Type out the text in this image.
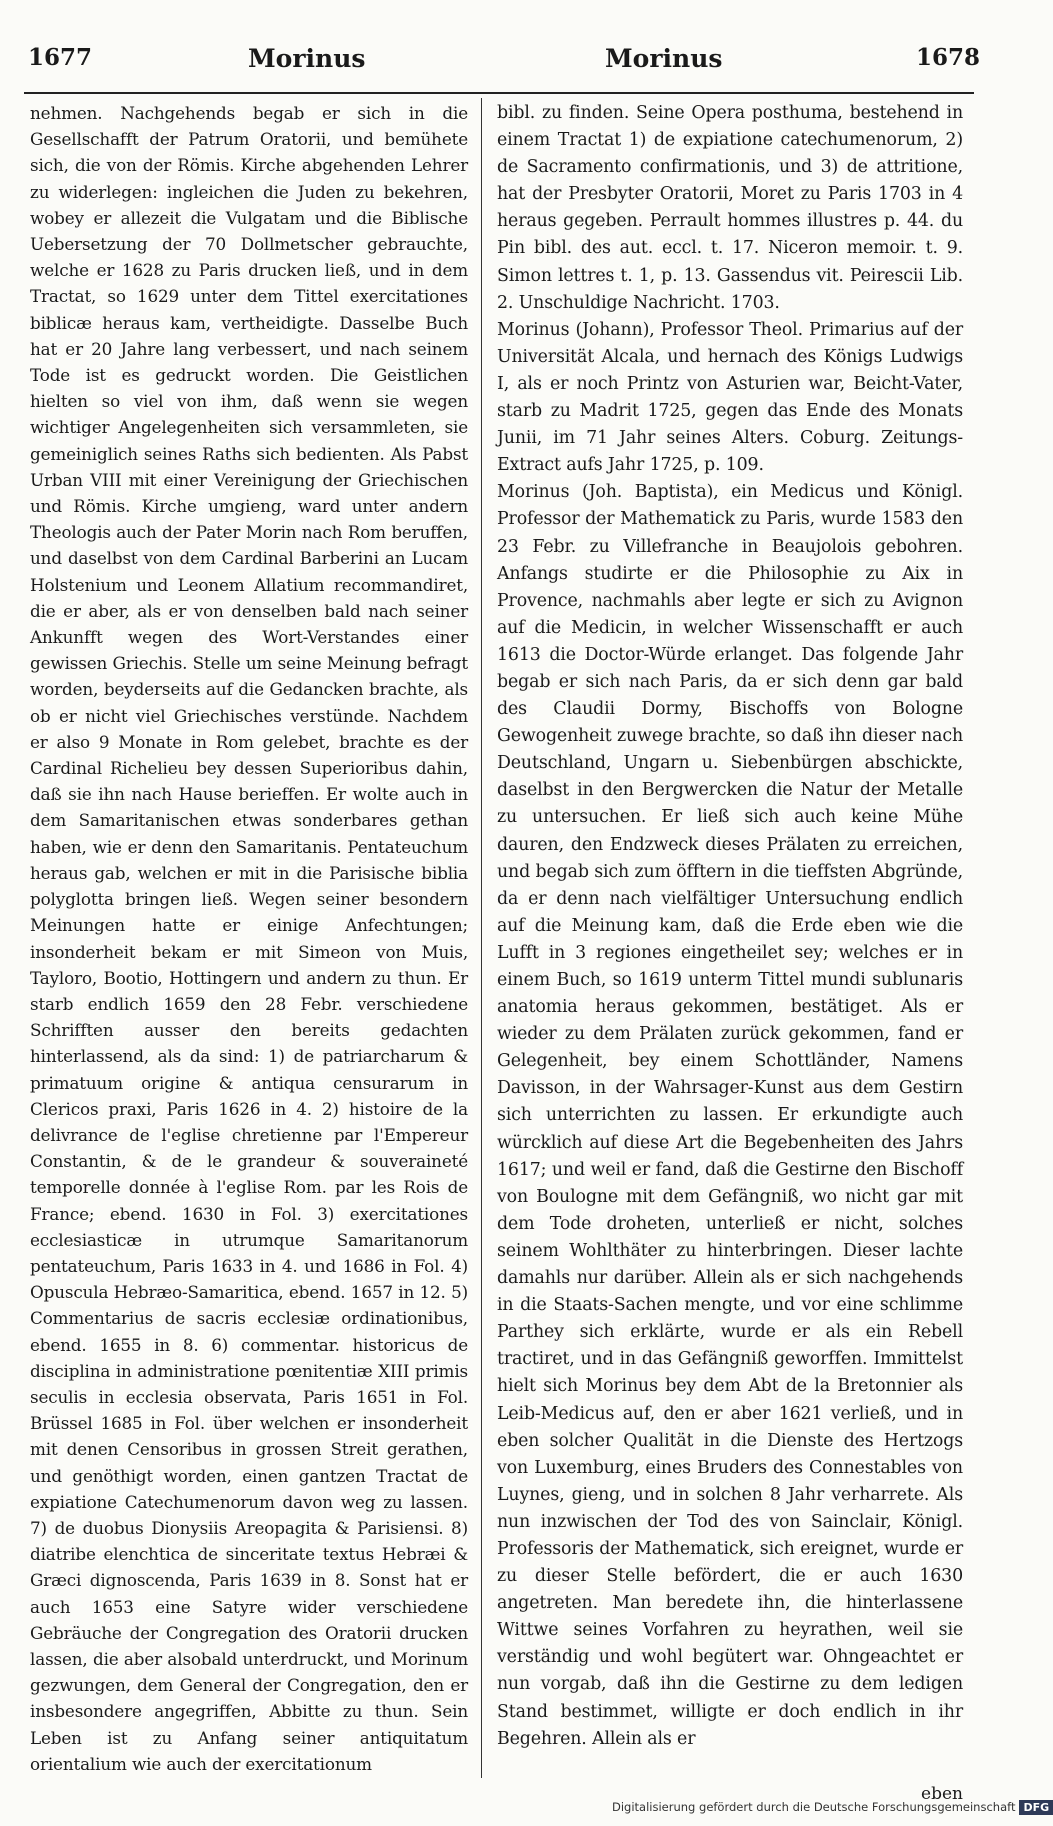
1677	Morinus	Morinus	1678

nehmen. Nachgehends begab er sich in die Gesellschafft der Patrum Oratorii, und bemühete sich, die von der Römis. Kirche abgehenden Lehrer zu widerlegen: ingleichen die Juden zu bekehren, wobey er allezeit die Vulgatam und die Biblische Uebersetzung der 70 Dollmetscher gebrauchte, welche er 1628 zu Paris drucken ließ, und in dem Tractat, so 1629 unter dem Tittel exercitationes biblicæ heraus kam, vertheidigte. Dasselbe Buch hat er 20 Jahre lang verbessert, und nach seinem Tode ist es gedruckt worden. Die Geistlichen hielten so viel von ihm, daß wenn sie wegen wichtiger Angelegenheiten sich versammleten, sie gemeiniglich seines Raths sich bedienten. Als Pabst Urban VIII mit einer Vereinigung der Griechischen und Römis. Kirche umgieng, ward unter andern Theologis auch der Pater Morin nach Rom beruffen, und daselbst von dem Cardinal Barberini an Lucam Holstenium und Leonem Allatium recommandiret, die er aber, als er von denselben bald nach seiner Ankunfft wegen des Wort-Verstandes einer gewissen Griechis. Stelle um seine Meinung befragt worden, beyderseits auf die Gedancken brachte, als ob er nicht viel Griechisches verstünde. Nachdem er also 9 Monate in Rom gelebet, brachte es der Cardinal Richelieu bey dessen Superioribus dahin, daß sie ihn nach Hause berieffen. Er wolte auch in dem Samaritanischen etwas sonderbares gethan haben, wie er denn den Samaritanis. Pentateuchum heraus gab, welchen er mit in die Parisische biblia polyglotta bringen ließ. Wegen seiner besondern Meinungen hatte er einige Anfechtungen; insonderheit bekam er mit Simeon von Muis, Tayloro, Bootio, Hottingern und andern zu thun. Er starb endlich 1659 den 28 Febr. verschiedene Schrifften ausser den bereits gedachten hinterlassend, als da sind: 1) de patriarcharum & primatuum origine & antiqua censurarum in Clericos praxi, Paris 1626 in 4. 2) histoire de la delivrance de l'eglise chretienne par l'Empereur Constantin, & de le grandeur & souveraineté temporelle donnée à l'eglise Rom. par les Rois de France; ebend. 1630 in Fol. 3) exercitationes ecclesiasticæ in utrumque Samaritanorum pentateuchum, Paris 1633 in 4. und 1686 in Fol. 4) Opuscula Hebræo-Samaritica, ebend. 1657 in 12. 5) Commentarius de sacris ecclesiæ ordinationibus, ebend. 1655 in 8. 6) commentar. historicus de disciplina in administratione pœnitentiæ XIII primis seculis in ecclesia observata, Paris 1651 in Fol. Brüssel 1685 in Fol. über welchen er insonderheit mit denen Censoribus in grossen Streit gerathen, und genöthigt worden, einen gantzen Tractat de expiatione Catechumenorum davon weg zu lassen. 7) de duobus Dionysiis Areopagita & Parisiensi. 8) diatribe elenchtica de sinceritate textus Hebræi & Græci dignoscenda, Paris 1639 in 8. Sonst hat er auch 1653 eine Satyre wider verschiedene Gebräuche der Congregation des Oratorii drucken lassen, die aber alsobald unterdruckt, und Morinum gezwungen, dem General der Congregation, den er insbesondere angegriffen, Abbitte zu thun. Sein Leben ist zu Anfang seiner antiquitatum orientalium wie auch der exercitationum

bibl. zu finden. Seine Opera posthuma, bestehend in einem Tractat 1) de expiatione catechumenorum, 2) de Sacramento confirmationis, und 3) de attritione, hat der Presbyter Oratorii, Moret zu Paris 1703 in 4 heraus gegeben. Perrault hommes illustres p. 44. du Pin bibl. des aut. eccl. t. 17. Niceron memoir. t. 9. Simon lettres t. 1, p. 13. Gassendus vit. Peirescii Lib. 2. Unschuldige Nachricht. 1703.

Morinus (Johann), Professor Theol. Primarius auf der Universität Alcala, und hernach des Königs Ludwigs I, als er noch Printz von Asturien war, Beicht-Vater, starb zu Madrit 1725, gegen das Ende des Monats Junii, im 71 Jahr seines Alters. Coburg. Zeitungs-Extract aufs Jahr 1725, p. 109.

Morinus (Joh. Baptista), ein Medicus und Königl. Professor der Mathematick zu Paris, wurde 1583 den 23 Febr. zu Villefranche in Beaujolois gebohren. Anfangs studirte er die Philosophie zu Aix in Provence, nachmahls aber legte er sich zu Avignon auf die Medicin, in welcher Wissenschafft er auch 1613 die Doctor-Würde erlanget. Das folgende Jahr begab er sich nach Paris, da er sich denn gar bald des Claudii Dormy, Bischoffs von Bologne Gewogenheit zuwege brachte, so daß ihn dieser nach Deutschland, Ungarn u. Siebenbürgen abschickte, daselbst in den Bergwercken die Natur der Metalle zu untersuchen. Er ließ sich auch keine Mühe dauren, den Endzweck dieses Prälaten zu erreichen, und begab sich zum öfftern in die tieffsten Abgründe, da er denn nach vielfältiger Untersuchung endlich auf die Meinung kam, daß die Erde eben wie die Lufft in 3 regiones eingetheilet sey; welches er in einem Buch, so 1619 unterm Tittel mundi sublunaris anatomia heraus gekommen, bestätiget. Als er wieder zu dem Prälaten zurück gekommen, fand er Gelegenheit, bey einem Schottländer, Namens Davisson, in der Wahrsager-Kunst aus dem Gestirn sich unterrichten zu lassen. Er erkundigte auch würcklich auf diese Art die Begebenheiten des Jahrs 1617; und weil er fand, daß die Gestirne den Bischoff von Boulogne mit dem Gefängniß, wo nicht gar mit dem Tode droheten, unterließ er nicht, solches seinem Wohlthäter zu hinterbringen. Dieser lachte damahls nur darüber. Allein als er sich nachgehends in die Staats-Sachen mengte, und vor eine schlimme Parthey sich erklärte, wurde er als ein Rebell tractiret, und in das Gefängniß geworffen. Immittelst hielt sich Morinus bey dem Abt de la Bretonnier als Leib-Medicus auf, den er aber 1621 verließ, und in eben solcher Qualität in die Dienste des Hertzogs von Luxemburg, eines Bruders des Connestables von Luynes, gieng, und in solchen 8 Jahr verharrete. Als nun inzwischen der Tod des von Sainclair, Königl. Professoris der Mathematick, sich ereignet, wurde er zu dieser Stelle befördert, die er auch 1630 angetreten. Man beredete ihn, die hinterlassene Wittwe seines Vorfahren zu heyrathen, weil sie verständig und wohl begütert war. Ohngeachtet er nun vorgab, daß ihn die Gestirne zu dem ledigen Stand bestimmet, willigte er doch endlich in ihr Begehren. Allein als er

eben
Digitalisierung gefördert durch die Deutsche Forschungsgemeinschaft DFG
